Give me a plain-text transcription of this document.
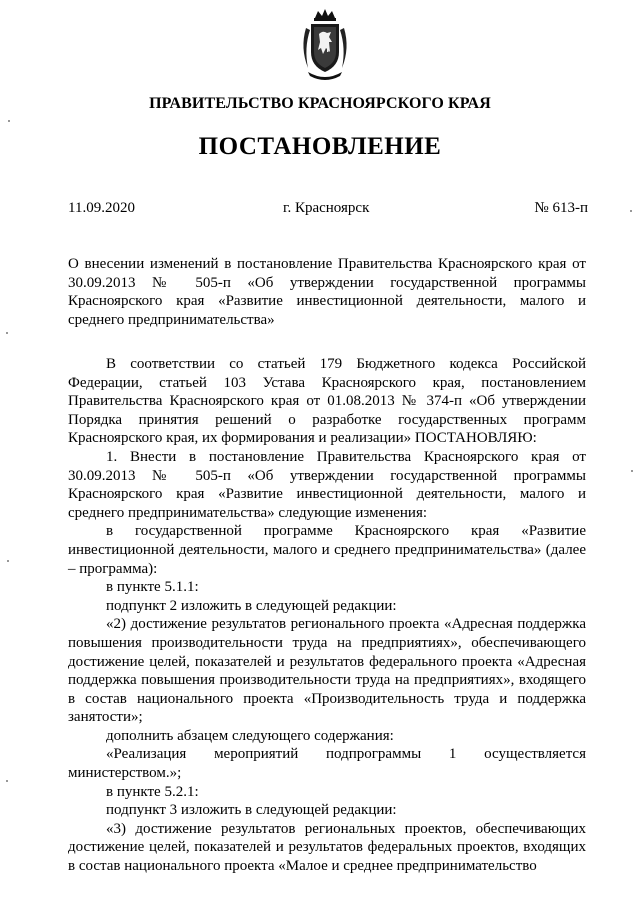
ПРАВИТЕЛЬСТВО КРАСНОЯРСКОГО КРАЯ
ПОСТАНОВЛЕНИЕ
11.09.2020	г. Красноярск	№ 613-п

О внесении изменений в постановление Правительства Красноярского края от 30.09.2013 № 505-п «Об утверждении государственной программы Красноярского края «Развитие инвестиционной деятельности, малого и среднего предпринимательства»

В соответствии со статьей 179 Бюджетного кодекса Российской Федерации, статьей 103 Устава Красноярского края, постановлением Правительства Красноярского края от 01.08.2013 № 374-п «Об утверждении Порядка принятия решений о разработке государственных программ Красноярского края, их формирования и реализации» ПОСТАНОВЛЯЮ:

1. Внести в постановление Правительства Красноярского края от 30.09.2013 № 505-п «Об утверждении государственной программы Красноярского края «Развитие инвестиционной деятельности, малого и среднего предпринимательства» следующие изменения:

в государственной программе Красноярского края «Развитие инвестиционной деятельности, малого и среднего предпринимательства» (далее – программа):

в пункте 5.1.1:

подпункт 2 изложить в следующей редакции:

«2) достижение результатов регионального проекта «Адресная поддержка повышения производительности труда на предприятиях», обеспечивающего достижение целей, показателей и результатов федерального проекта «Адресная поддержка повышения производительности труда на предприятиях», входящего в состав национального проекта «Производительность труда и поддержка занятости»;

дополнить абзацем следующего содержания:

«Реализация мероприятий подпрограммы 1 осуществляется министерством.»;

в пункте 5.2.1:

подпункт 3 изложить в следующей редакции:

«3) достижение результатов региональных проектов, обеспечивающих достижение целей, показателей и результатов федеральных проектов, входящих в состав национального проекта «Малое и среднее предпринимательство
